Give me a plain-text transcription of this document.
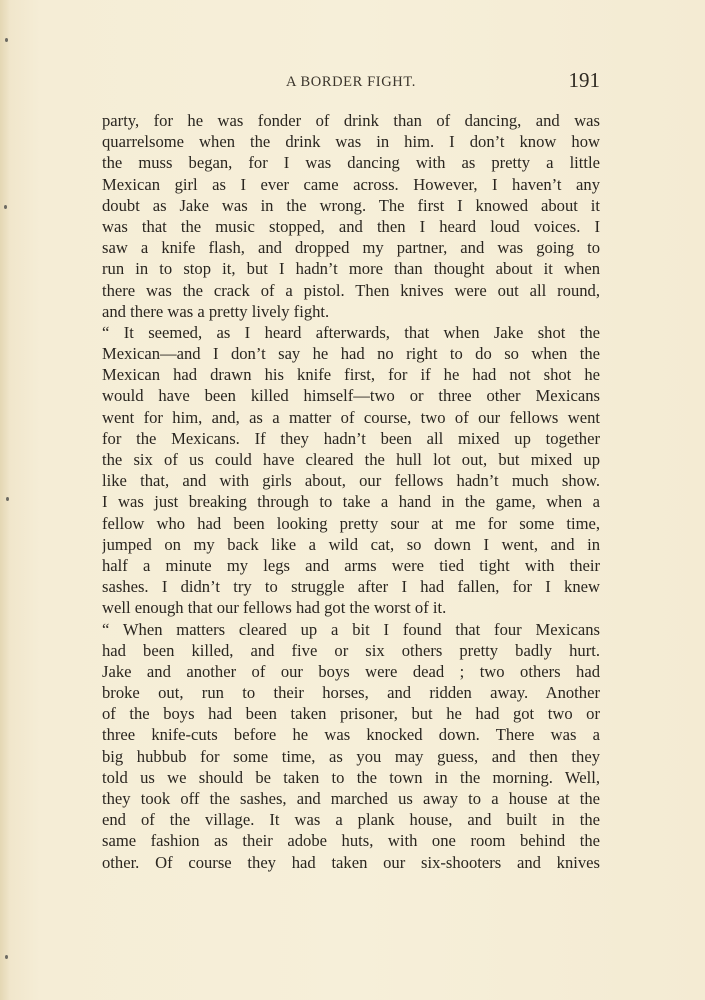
A BORDER FIGHT.	191
party, for he was fonder of drink than of dancing, and was
quarrelsome when the drink was in him. I don’t know how
the muss began, for I was dancing with as pretty a little
Mexican girl as I ever came across. However, I haven’t any
doubt as Jake was in the wrong. The first I knowed about it
was that the music stopped, and then I heard loud voices. I
saw a knife flash, and dropped my partner, and was going to
run in to stop it, but I hadn’t more than thought about it when
there was the crack of a pistol. Then knives were out all round,
and there was a pretty lively fight.
“ It seemed, as I heard afterwards, that when Jake shot the
Mexican—and I don’t say he had no right to do so when the
Mexican had drawn his knife first, for if he had not shot he
would have been killed himself—two or three other Mexicans
went for him, and, as a matter of course, two of our fellows went
for the Mexicans. If they hadn’t been all mixed up together
the six of us could have cleared the hull lot out, but mixed up
like that, and with girls about, our fellows hadn’t much show.
I was just breaking through to take a hand in the game, when a
fellow who had been looking pretty sour at me for some time,
jumped on my back like a wild cat, so down I went, and in
half a minute my legs and arms were tied tight with their
sashes. I didn’t try to struggle after I had fallen, for I knew
well enough that our fellows had got the worst of it.
“ When matters cleared up a bit I found that four Mexicans
had been killed, and five or six others pretty badly hurt.
Jake and another of our boys were dead ; two others had
broke out, run to their horses, and ridden away. Another
of the boys had been taken prisoner, but he had got two or
three knife-cuts before he was knocked down. There was a
big hubbub for some time, as you may guess, and then they
told us we should be taken to the town in the morning. Well,
they took off the sashes, and marched us away to a house at the
end of the village. It was a plank house, and built in the
same fashion as their adobe huts, with one room behind the
other. Of course they had taken our six-shooters and knives
